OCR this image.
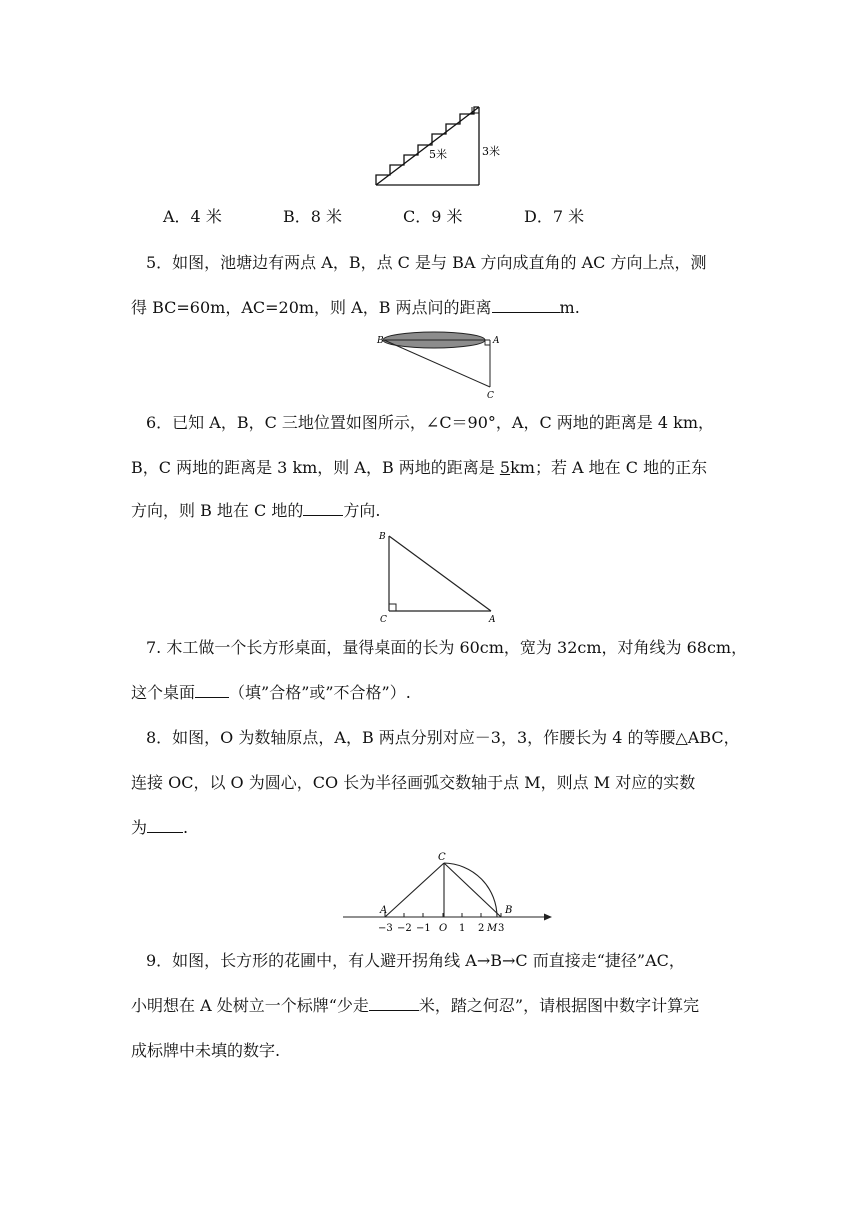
5米	3米
A．4 米	B．8 米	C．9 米	D．7 米
5．如图，池塘边有两点 A，B，点 C 是与 BA 方向成直角的 AC 方向上点，测
得 BC=60m，AC=20m，则 A，B 两点问的距离	m.
B	A
C
6．已知 A，B，C 三地位置如图所示，∠C＝90°，A，C 两地的距离是 4 km，
B，C 两地的距离是 3 km，则 A，B 两地的距离是 5km；若 A 地在 C 地的正东
方向，则 B 地在 C 地的	方向.
B
C	A
7. 木工做一个长方形桌面，量得桌面的长为 60cm，宽为 32cm，对角线为 68cm，
这个桌面 （填”合格”或”不合格”）.
8．如图，O 为数轴原点，A，B 两点分别对应－3，3，作腰长为 4 的等腰△ABC，
连接 OC，以 O 为圆心，CO 长为半径画弧交数轴于点 M，则点 M 对应的实数
为 .
C
A	B
O	M
−3 −2 −1	1 2 3
9．如图，长方形的花圃中，有人避开拐角线 A→B→C 而直接走“捷径”AC，
小明想在 A 处树立一个标牌“少走	米，踏之何忍”，请根据图中数字计算完
成标牌中未填的数字.
